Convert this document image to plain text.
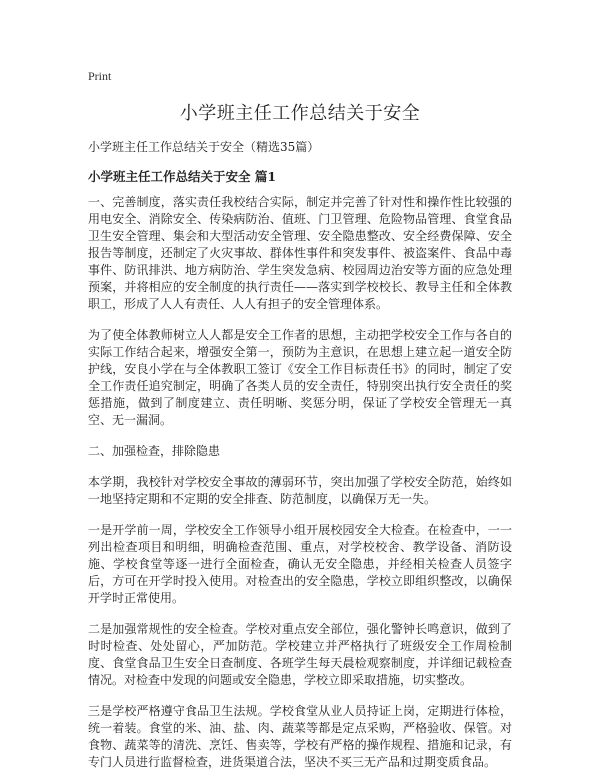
Print

小学班主任工作总结关于安全

小学班主任工作总结关于安全（精选35篇）

小学班主任工作总结关于安全 篇1

一、完善制度，落实责任我校结合实际，制定并完善了针对性和操作性比较强的用电安全、消除安全、传染病防治、值班、门卫管理、危险物品管理、食堂食品卫生安全管理、集会和大型活动安全管理、安全隐患整改、安全经费保障、安全报告等制度，还制定了火灾事故、群体性事件和突发事件、被盗案件、食品中毒事件、防讯排洪、地方病防治、学生突发急病、校园周边治安等方面的应急处理预案，并将相应的安全制度的执行责任——落实到学校校长、教导主任和全体教职工，形成了人人有责任、人人有担子的安全管理体系。

为了使全体教师树立人人都是安全工作者的思想，主动把学校安全工作与各自的实际工作结合起来，增强安全第一，预防为主意识，在思想上建立起一道安全防护线，安良小学在与全体教职工签订《安全工作目标责任书》的同时，制定了安全工作责任追究制定，明确了各类人员的安全责任，特别突出执行安全责任的奖惩措施，做到了制度建立、责任明晰、奖惩分明，保证了学校安全管理无一真空、无一漏洞。

二、加强检查，排除隐患

本学期，我校针对学校安全事故的薄弱环节，突出加强了学校安全防范，始终如一地坚持定期和不定期的安全排查、防范制度，以确保万无一失。

一是开学前一周，学校安全工作领导小组开展校园安全大检查。在检查中，一一列出检查项目和明细，明确检查范围、重点，对学校校舍、教学设备、消防设施、学校食堂等逐一进行全面检查，确认无安全隐患，并经相关检查人员签字后，方可在开学时投入使用。对检查出的安全隐患，学校立即组织整改，以确保开学时正常使用。

二是加强常规性的安全检查。学校对重点安全部位，强化警钟长鸣意识，做到了时时检查、处处留心，严加防范。学校建立并严格执行了班级安全工作周检制度、食堂食品卫生安全日查制度、各班学生每天晨检观察制度，并详细记载检查情况。对检查中发现的问题或安全隐患，学校立即采取措施，切实整改。

三是学校严格遵守食品卫生法规。学校食堂从业人员持证上岗，定期进行体检，统一着装。食堂的米、油、盐、肉、蔬菜等都是定点采购，严格验收、保管。对食物、蔬菜等的清洗、烹饪、售卖等，学校有严格的操作规程、措施和记录，有专门人员进行监督检查，进货渠道合法，坚决不买三无产品和过期变质食品。
